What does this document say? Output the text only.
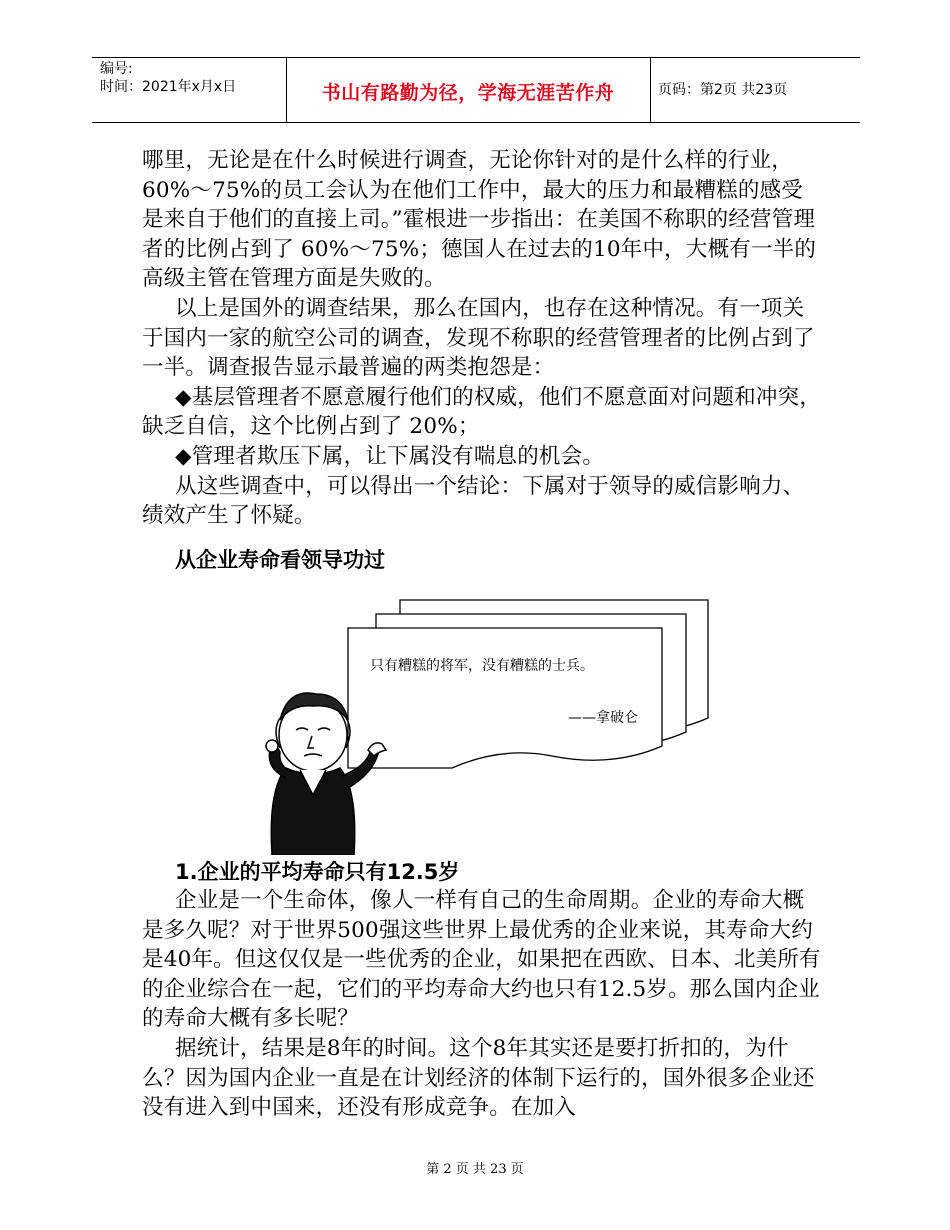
编号:
时间：2021年x月x日	书山有路勤为径，学海无涯苦作舟	页码：第2页 共23页

哪里，无论是在什么时候进行调查，无论你针对的是什么样的行业，60%～75%的员工会认为在他们工作中，最大的压力和最糟糕的感受是来自于他们的直接上司。”霍根进一步指出：在美国不称职的经营管理者的比例占到了 60%～75%；德国人在过去的10年中，大概有一半的高级主管在管理方面是失败的。

以上是国外的调查结果，那么在国内，也存在这种情况。有一项关于国内一家的航空公司的调查，发现不称职的经营管理者的比例占到了一半。调查报告显示最普遍的两类抱怨是：

◆基层管理者不愿意履行他们的权威，他们不愿意面对问题和冲突，缺乏自信，这个比例占到了 20%；

◆管理者欺压下属，让下属没有喘息的机会。

从这些调查中，可以得出一个结论：下属对于领导的威信影响力、绩效产生了怀疑。

从企业寿命看领导功过
只有糟糕的将军，没有糟糕的士兵。
——拿破仑
1.企业的平均寿命只有12.5岁

企业是一个生命体，像人一样有自己的生命周期。企业的寿命大概是多久呢？对于世界500强这些世界上最优秀的企业来说，其寿命大约是40年。但这仅仅是一些优秀的企业，如果把在西欧、日本、北美所有的企业综合在一起，它们的平均寿命大约也只有12.5岁。那么国内企业的寿命大概有多长呢？

据统计，结果是8年的时间。这个8年其实还是要打折扣的，为什么？因为国内企业一直是在计划经济的体制下运行的，国外很多企业还没有进入到中国来，还没有形成竞争。在加入

第 2 页 共 23 页
